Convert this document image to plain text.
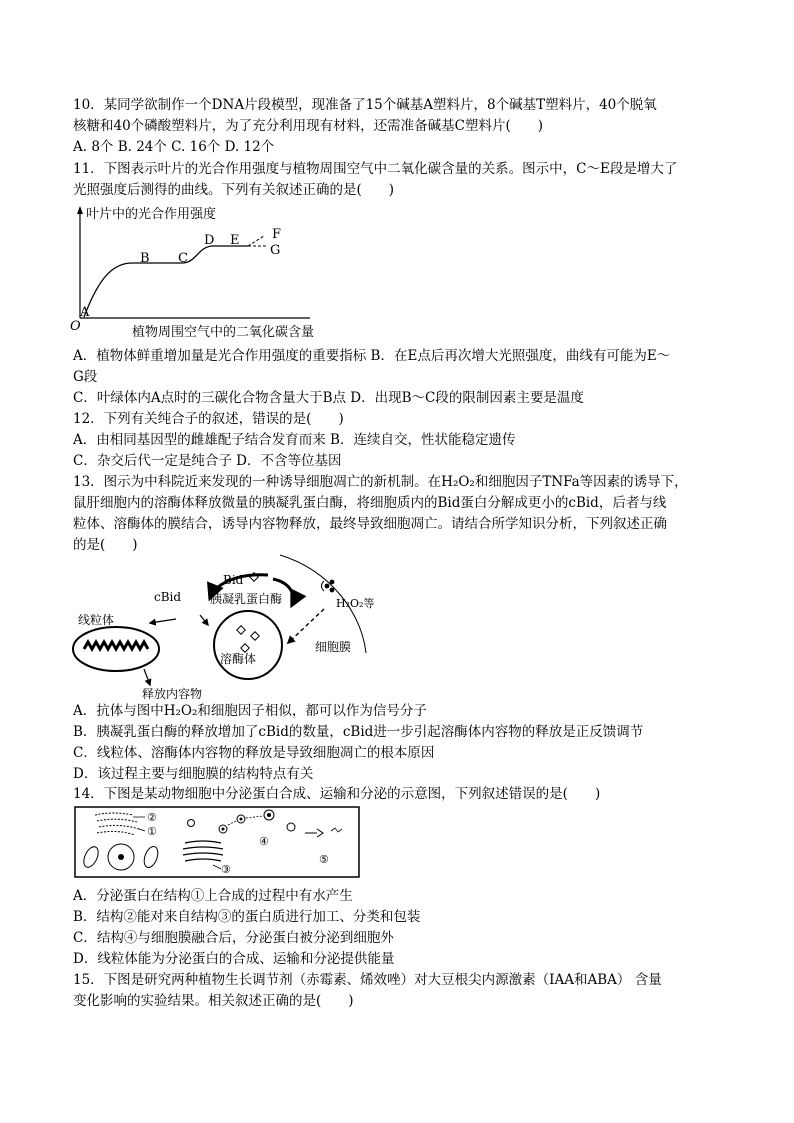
10．某同学欲制作一个DNA片段模型，现准备了15个碱基A塑料片，8个碱基T塑料片，40个脱氧
核糖和40个磷酸塑料片，为了充分利用现有材料，还需准备碱基C塑料片(　　)
A. 8个 B. 24个 C. 16个 D. 12个
11．下图表示叶片的光合作用强度与植物周围空气中二氧化碳含量的关系。图示中，C～E段是增大了
光照强度后测得的曲线。下列有关叙述正确的是(　　)
叶片中的光合作用强度
O	植物周围空气中的二氧化碳含量
A
B C
D E	F
G
A．植物体鲜重增加量是光合作用强度的重要指标 B．在E点后再次增大光照强度，曲线有可能为E～
G段
C．叶绿体内A点时的三碳化合物含量大于B点 D．出现B～C段的限制因素主要是温度
12．下列有关纯合子的叙述，错误的是(　　)
A．由相同基因型的雌雄配子结合发育而来 B．连续自交，性状能稳定遗传
C．杂交后代一定是纯合子 D．不含等位基因
13．图示为中科院近来发现的一种诱导细胞凋亡的新机制。在H₂O₂和细胞因子TNFa等因素的诱导下，
鼠肝细胞内的溶酶体释放微量的胰凝乳蛋白酶，将细胞质内的Bid蛋白分解成更小的cBid，后者与线
粒体、溶酶体的膜结合，诱导内容物释放，最终导致细胞凋亡。请结合所学知识分析，下列叙述正确
的是(　　)
细胞膜
H₂O₂等
Bid
cBid 胰凝乳蛋白酶
线粒体
释放内容物
溶酶体
A．抗体与图中H₂O₂和细胞因子相似，都可以作为信号分子
B．胰凝乳蛋白酶的释放增加了cBid的数量，cBid进一步引起溶酶体内容物的释放是正反馈调节
C．线粒体、溶酶体内容物的释放是导致细胞凋亡的根本原因
D．该过程主要与细胞膜的结构特点有关
14．下图是某动物细胞中分泌蛋白合成、运输和分泌的示意图，下列叙述错误的是(　　)
②
①
④
③
⑤
A．分泌蛋白在结构①上合成的过程中有水产生
B．结构②能对来自结构③的蛋白质进行加工、分类和包装
C．结构④与细胞膜融合后，分泌蛋白被分泌到细胞外
D．线粒体能为分泌蛋白的合成、运输和分泌提供能量
15．下图是研究两种植物生长调节剂（赤霉素、烯效唑）对大豆根尖内源激素（IAA和ABA） 含量
变化影响的实验结果。相关叙述正确的是(　　)
